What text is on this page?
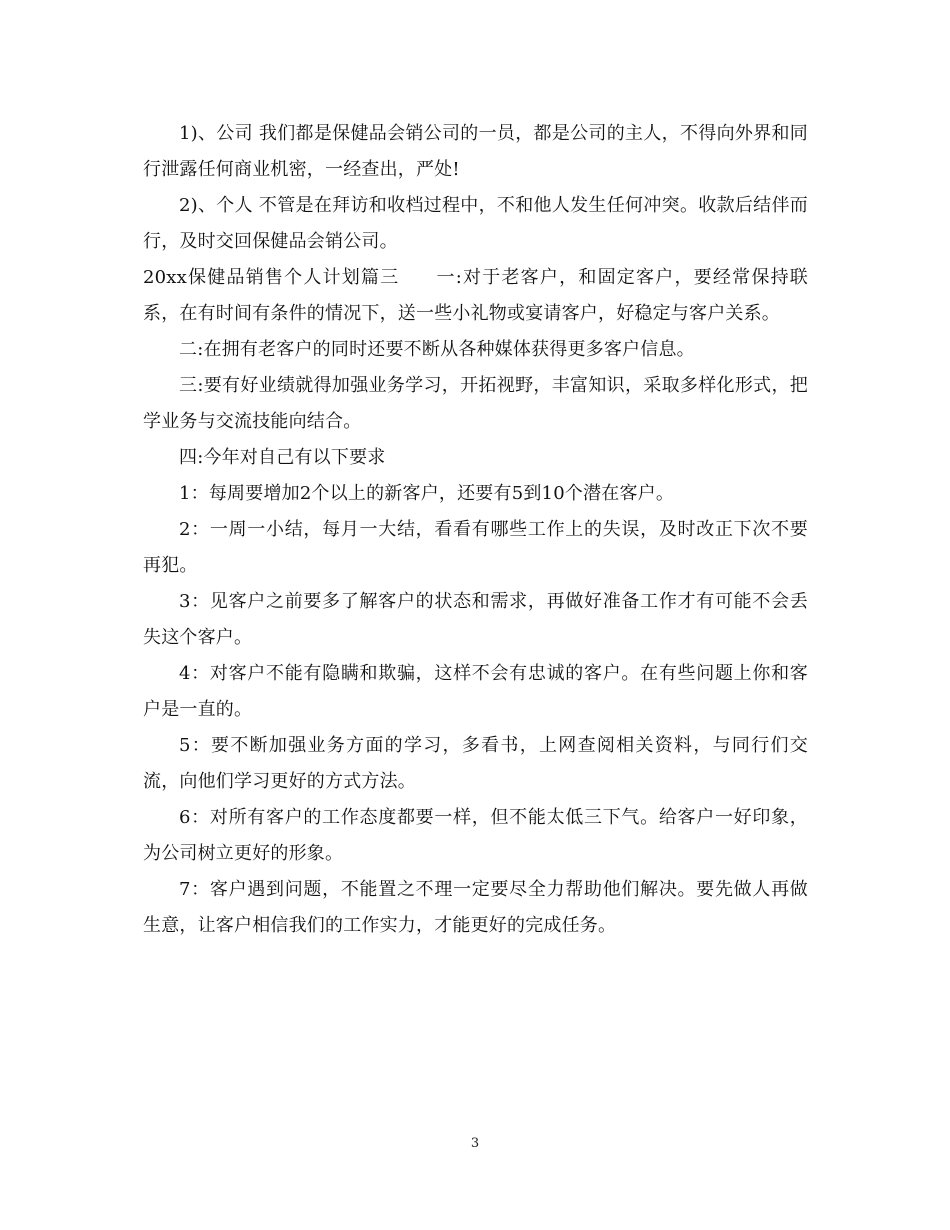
1)、公司 我们都是保健品会销公司的一员，都是公司的主人，不得向外界和同行泄露任何商业机密，一经查出，严处!

2)、个人 不管是在拜访和收档过程中，不和他人发生任何冲突。收款后结伴而行，及时交回保健品会销公司。

20xx保健品销售个人计划篇三 一:对于老客户，和固定客户，要经常保持联系，在有时间有条件的情况下，送一些小礼物或宴请客户，好稳定与客户关系。

二:在拥有老客户的同时还要不断从各种媒体获得更多客户信息。

三:要有好业绩就得加强业务学习，开拓视野，丰富知识，采取多样化形式，把学业务与交流技能向结合。

四:今年对自己有以下要求

1：每周要增加2个以上的新客户，还要有5到10个潜在客户。

2：一周一小结，每月一大结，看看有哪些工作上的失误，及时改正下次不要再犯。

3：见客户之前要多了解客户的状态和需求，再做好准备工作才有可能不会丢失这个客户。

4：对客户不能有隐瞒和欺骗，这样不会有忠诚的客户。在有些问题上你和客户是一直的。

5：要不断加强业务方面的学习，多看书，上网查阅相关资料，与同行们交流，向他们学习更好的方式方法。

6：对所有客户的工作态度都要一样，但不能太低三下气。给客户一好印象，为公司树立更好的形象。

7：客户遇到问题，不能置之不理一定要尽全力帮助他们解决。要先做人再做生意，让客户相信我们的工作实力，才能更好的完成任务。

3
